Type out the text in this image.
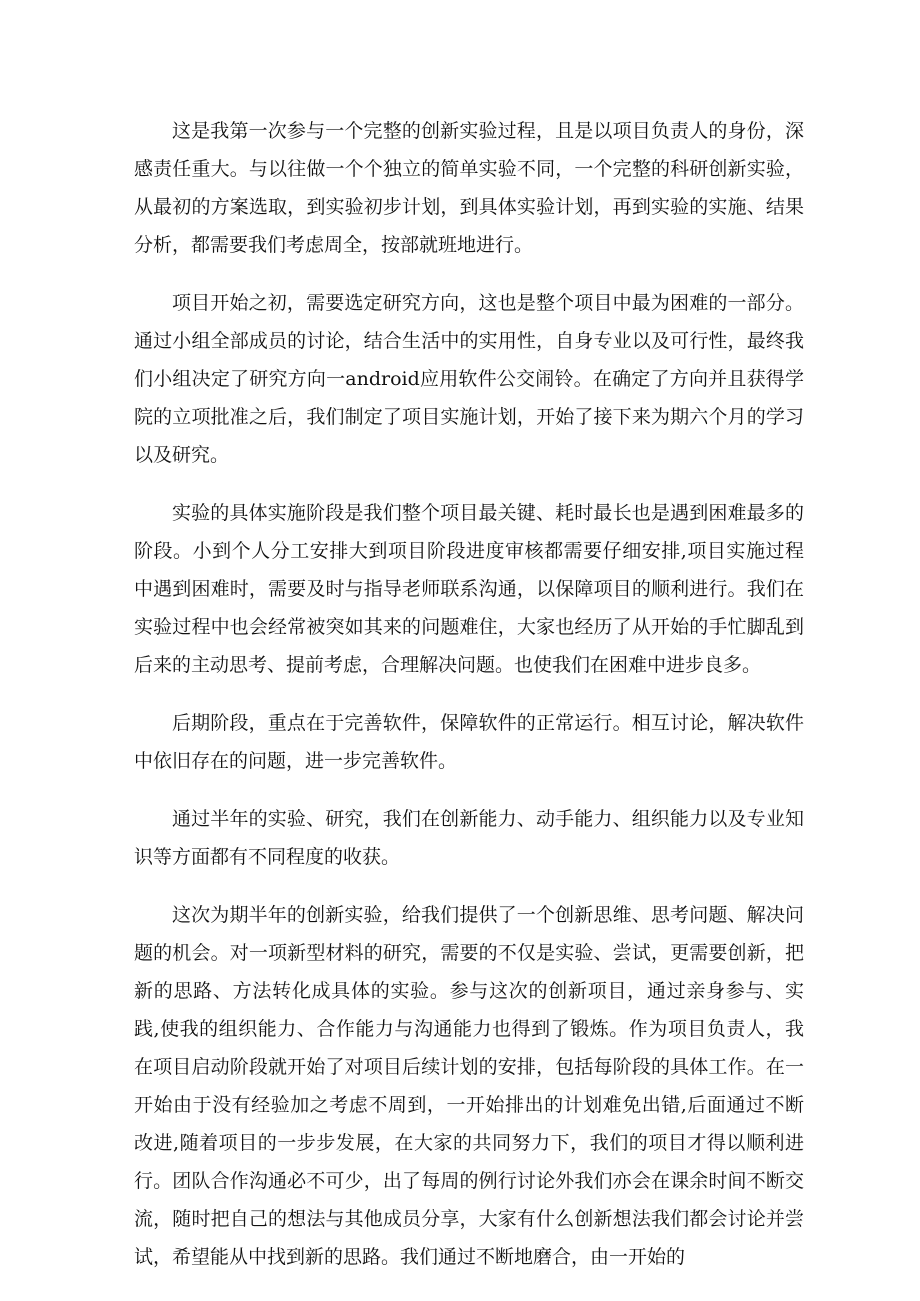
这是我第一次参与一个完整的创新实验过程，且是以项目负责人的身份，深感责任重大。与以往做一个个独立的简单实验不同，一个完整的科研创新实验，从最初的方案选取，到实验初步计划，到具体实验计划，再到实验的实施、结果分析，都需要我们考虑周全，按部就班地进行。

项目开始之初，需要选定研究方向，这也是整个项目中最为困难的一部分。通过小组全部成员的讨论，结合生活中的实用性，自身专业以及可行性，最终我们小组决定了研究方向一android应用软件公交闹铃。在确定了方向并且获得学院的立项批准之后，我们制定了项目实施计划，开始了接下来为期六个月的学习以及研究。

实验的具体实施阶段是我们整个项目最关键、耗时最长也是遇到困难最多的阶段。小到个人分工安排大到项目阶段进度审核都需要仔细安排,项目实施过程中遇到困难时，需要及时与指导老师联系沟通，以保障项目的顺利进行。我们在实验过程中也会经常被突如其来的问题难住，大家也经历了从开始的手忙脚乱到后来的主动思考、提前考虑，合理解决问题。也使我们在困难中进步良多。

后期阶段，重点在于完善软件，保障软件的正常运行。相互讨论，解决软件中依旧存在的问题，进一步完善软件。

通过半年的实验、研究，我们在创新能力、动手能力、组织能力以及专业知识等方面都有不同程度的收获。

这次为期半年的创新实验，给我们提供了一个创新思维、思考问题、解决问题的机会。对一项新型材料的研究，需要的不仅是实验、尝试，更需要创新，把新的思路、方法转化成具体的实验。参与这次的创新项目，通过亲身参与、实践,使我的组织能力、合作能力与沟通能力也得到了锻炼。作为项目负责人，我在项目启动阶段就开始了对项目后续计划的安排，包括每阶段的具体工作。在一开始由于没有经验加之考虑不周到，一开始排出的计划难免出错,后面通过不断改进,随着项目的一步步发展，在大家的共同努力下，我们的项目才得以顺利进行。团队合作沟通必不可少，出了每周的例行讨论外我们亦会在课余时间不断交流，随时把自己的想法与其他成员分享，大家有什么创新想法我们都会讨论并尝试，希望能从中找到新的思路。我们通过不断地磨合，由一开始的
